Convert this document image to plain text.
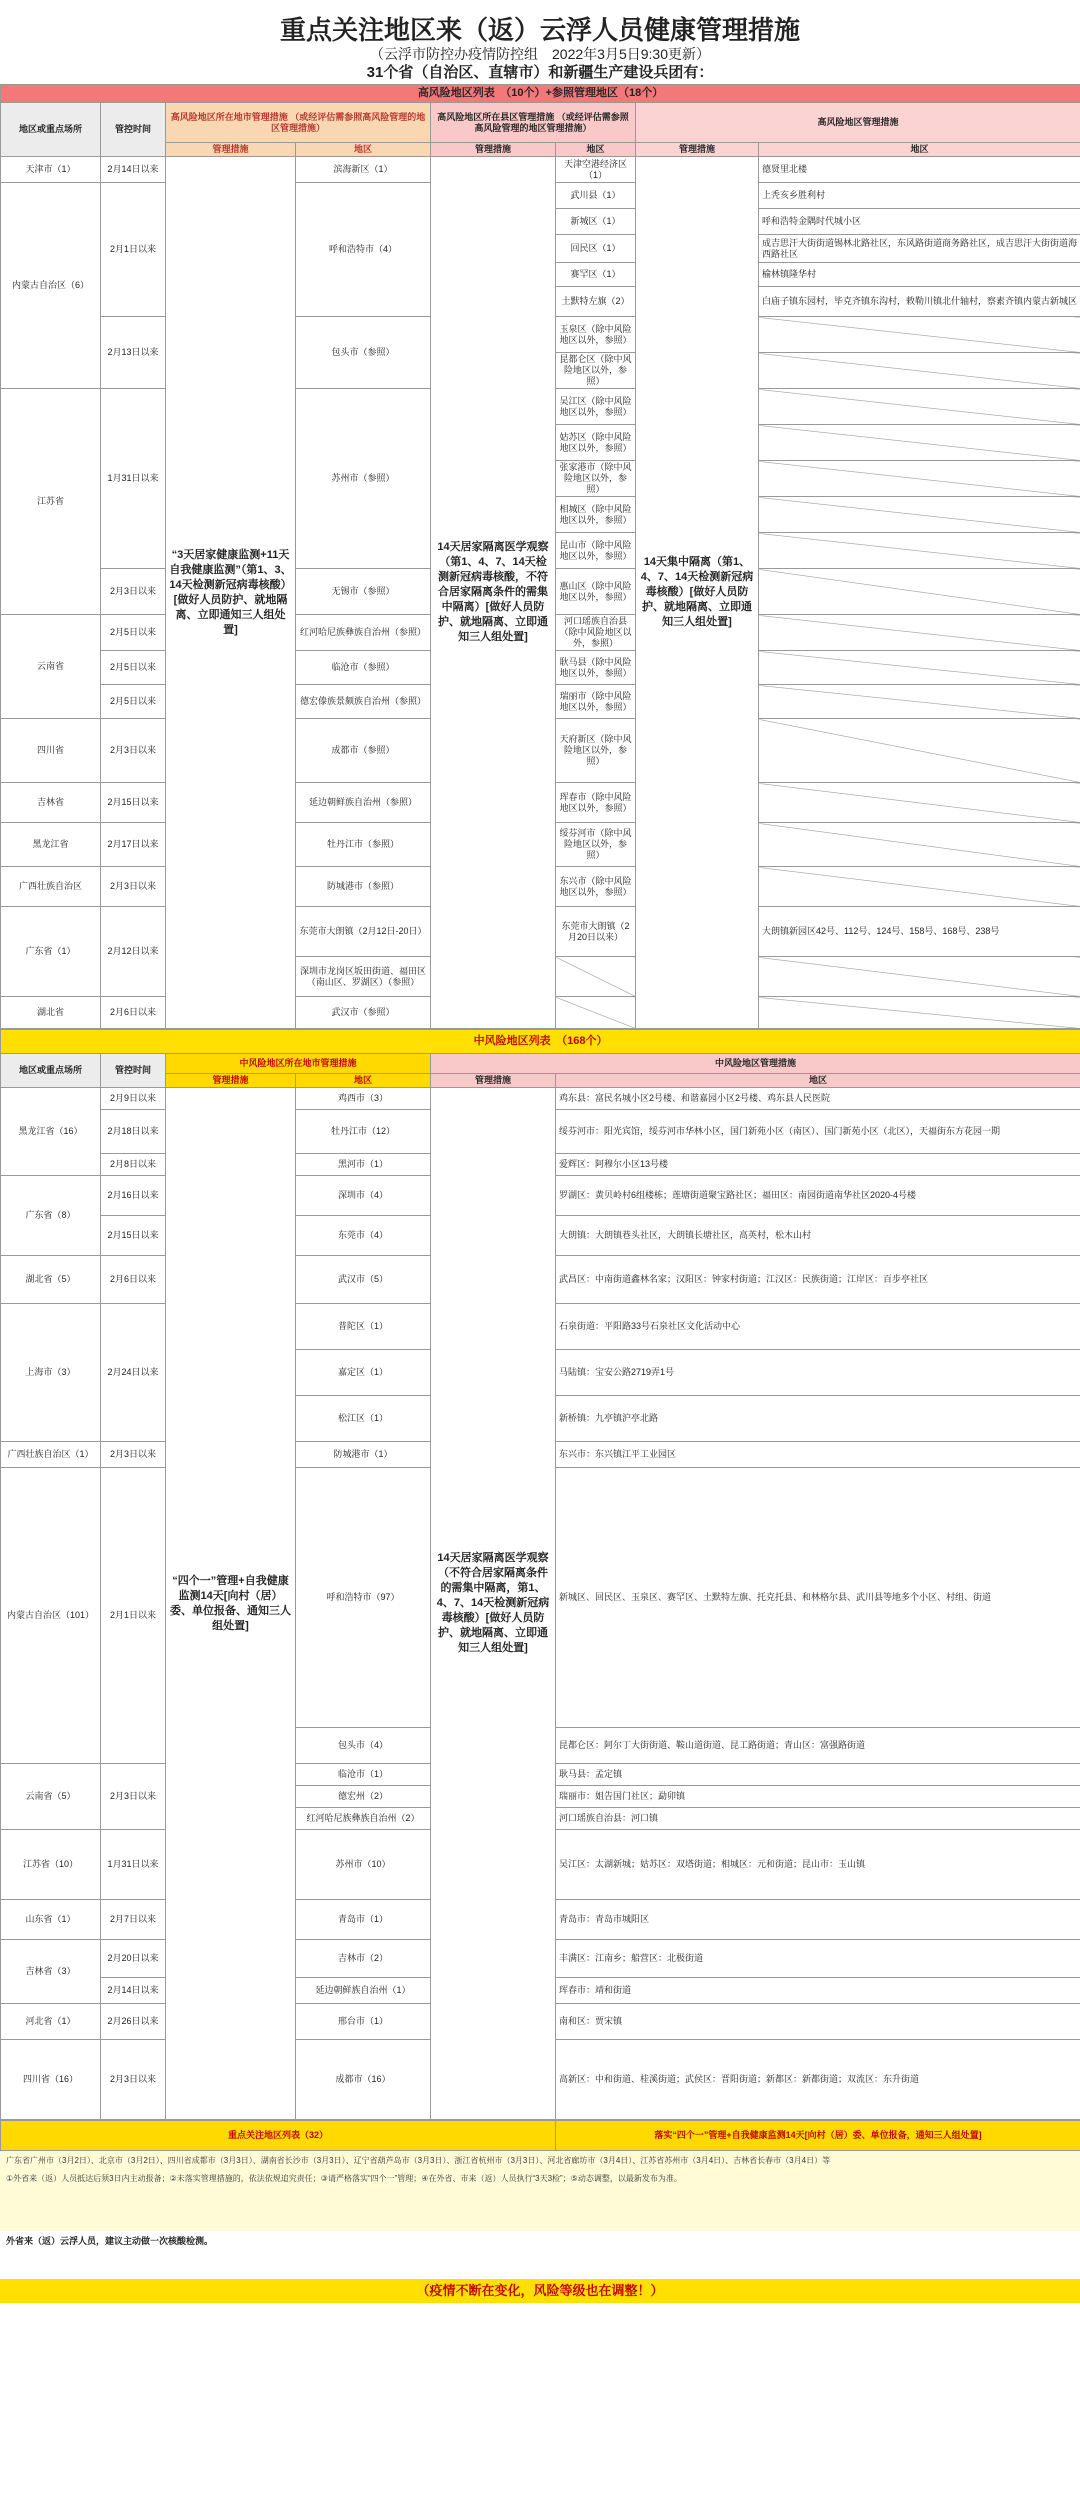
重点关注地区来（返）云浮人员健康管理措施
（云浮市防控办疫情防控组　2022年3月5日9:30更新）
31个省（自治区、直辖市）和新疆生产建设兵团有：
高风险地区列表　（10个）+参照管理地区（18个）							
地区或重点场所	管控时间	高风险地区所在地市管理措施 （或经评估需参照高风险管理的地区管理措施）		高风险地区所在县区管理措施 （或经评估需参照高风险管理的地区管理措施）		高风险地区管理措施	
		管理措施	地区	管理措施	地区	管理措施	地区
天津市（1）	2月14日以来	“3天居家健康监测+11天自我健康监测”（第1、3、14天检测新冠病毒核酸）[做好人员防护、就地隔离、立即通知三人组处置]	滨海新区（1）	14天居家隔离医学观察（第1、4、7、14天检测新冠病毒核酸，不符合居家隔离条件的需集中隔离）[做好人员防护、就地隔离、立即通知三人组处置]	天津空港经济区（1）	14天集中隔离（第1、4、7、14天检测新冠病毒核酸）[做好人员防护、就地隔离、立即通知三人组处置]	德贤里北楼
内蒙古自治区（6）	2月1日以来		呼和浩特市（4）		武川县（1）		上秃亥乡胜利村
					新城区（1）		呼和浩特金隅时代城小区
					回民区（1）		成吉思汗大街街道锡林北路社区，东风路街道商务路社区，成吉思汗大街街道海西路社区
					赛罕区（1）		榆林镇隆华村
					土默特左旗（2）		白庙子镇东园村，毕克齐镇东沟村，敕勒川镇北什轴村，察素齐镇内蒙古新城区
	2月13日以来		包头市（参照）		玉泉区（除中风险地区以外，参照）		
					昆都仑区（除中风险地区以外，参照）		
江苏省	1月31日以来		苏州市（参照）		吴江区（除中风险地区以外，参照）		
					姑苏区（除中风险地区以外，参照）		
					张家港市（除中风险地区以外，参照）		
					相城区（除中风险地区以外，参照）		
					昆山市（除中风险地区以外，参照）		
	2月3日以来		无锡市（参照）		惠山区（除中风险地区以外，参照）		
云南省	2月5日以来		红河哈尼族彝族自治州（参照）		河口瑶族自治县（除中风险地区以外，参照）		
	2月5日以来		临沧市（参照）		耿马县（除中风险地区以外，参照）		
	2月5日以来		德宏傣族景颇族自治州（参照）		瑞丽市（除中风险地区以外，参照）		
四川省	2月3日以来		成都市（参照）		天府新区（除中风险地区以外，参照）		
吉林省	2月15日以来		延边朝鲜族自治州（参照）		珲春市（除中风险地区以外，参照）		
黑龙江省	2月17日以来		牡丹江市（参照）		绥芬河市（除中风险地区以外，参照）		
广西壮族自治区	2月3日以来		防城港市（参照）		东兴市（除中风险地区以外，参照）		
广东省（1）	2月12日以来		东莞市大朗镇（2月12日-20日）		东莞市大朗镇（2月20日以来）		大朗镇新园区42号、112号、124号、158号、168号、238号
			深圳市龙岗区坂田街道、福田区（南山区、罗湖区）（参照）				
湖北省	2月6日以来		武汉市（参照）				
中风险地区列表　（168个）					
地区或重点场所	管控时间	中风险地区所在地市管理措施		中风险地区管理措施	
		管理措施	地区	管理措施	地区
黑龙江省（16）	2月9日以来	“四个一”管理+自我健康监测14天[向村（居）委、单位报备、通知三人组处置]	鸡西市（3）	14天居家隔离医学观察（不符合居家隔离条件的需集中隔离，第1、4、7、14天检测新冠病毒核酸）[做好人员防护、就地隔离、立即通知三人组处置]	鸡东县：富民名城小区2号楼、和谐嘉园小区2号楼、鸡东县人民医院
	2月18日以来		牡丹江市（12）		绥芬河市：阳光宾馆，绥芬河市华林小区，国门新苑小区（南区）、国门新苑小区（北区），天福街东方花园一期
	2月8日以来		黑河市（1）		爱辉区：阿穆尔小区13号楼
广东省（8）	2月16日以来		深圳市（4）		罗湖区：黄贝岭村6组楼栋；莲塘街道聚宝路社区；福田区：南园街道南华社区2020-4号楼
	2月15日以来		东莞市（4）		大朗镇：大朗镇巷头社区，大朗镇长塘社区，高英村，松木山村
湖北省（5）	2月6日以来		武汉市（5）		武昌区：中南街道鑫林名家；汉阳区：钟家村街道；江汉区：民族街道；江岸区：百步亭社区
上海市（3）	2月24日以来		普陀区（1）		石泉街道：平阳路33号石泉社区文化活动中心
			嘉定区（1）		马陆镇：宝安公路2719弄1号
			松江区（1）		新桥镇：九亭镇沪亭北路
广西壮族自治区（1）	2月3日以来		防城港市（1）		东兴市：东兴镇江平工业园区
内蒙古自治区（101）	2月1日以来		呼和浩特市（97）		新城区、回民区、玉泉区、赛罕区、土默特左旗、托克托县、和林格尔县、武川县等地多个小区、村组、街道
			包头市（4）		昆都仑区：阿尔丁大街街道、鞍山道街道、昆工路街道；青山区：富强路街道
云南省（5）	2月3日以来		临沧市（1）		耿马县：孟定镇
			德宏州（2）		瑞丽市：姐告国门社区；勐卯镇
			红河哈尼族彝族自治州（2）		河口瑶族自治县：河口镇
江苏省（10）	1月31日以来		苏州市（10）		吴江区：太湖新城；姑苏区：双塔街道；相城区：元和街道；昆山市：玉山镇
山东省（1）	2月7日以来		青岛市（1）		青岛市：青岛市城阳区
吉林省（3）	2月20日以来		吉林市（2）		丰满区：江南乡；船营区：北极街道
	2月14日以来		延边朝鲜族自治州（1）		珲春市：靖和街道
河北省（1）	2月26日以来		邢台市（1）		南和区：贾宋镇
四川省（16）	2月3日以来		成都市（16）		高新区：中和街道、桂溪街道；武侯区：晋阳街道；新都区：新都街道；双流区：东升街道
重点关注地区列表（32）	落实“四个一”管理+自我健康监测14天[向村（居）委、单位报备，通知三人组处置]
广东省广州市（3月2日）、北京市（3月2日）、四川省成都市（3月3日）、湖南省长沙市（3月3日）、辽宁省葫芦岛市（3月3日）、浙江省杭州市（3月3日）、河北省廊坊市（3月4日）、江苏省苏州市（3月4日）、吉林省长春市（3月4日）等
①外省来（返）人员抵达后须3日内主动报备；②未落实管理措施的，依法依规追究责任；③请严格落实“四个一”管理；④在外省、市来（返）人员执行“3天3检”；⑤动态调整，以最新发布为准。
外省来（返）云浮人员，建议主动做一次核酸检测。
（疫情不断在变化，风险等级也在调整！）
